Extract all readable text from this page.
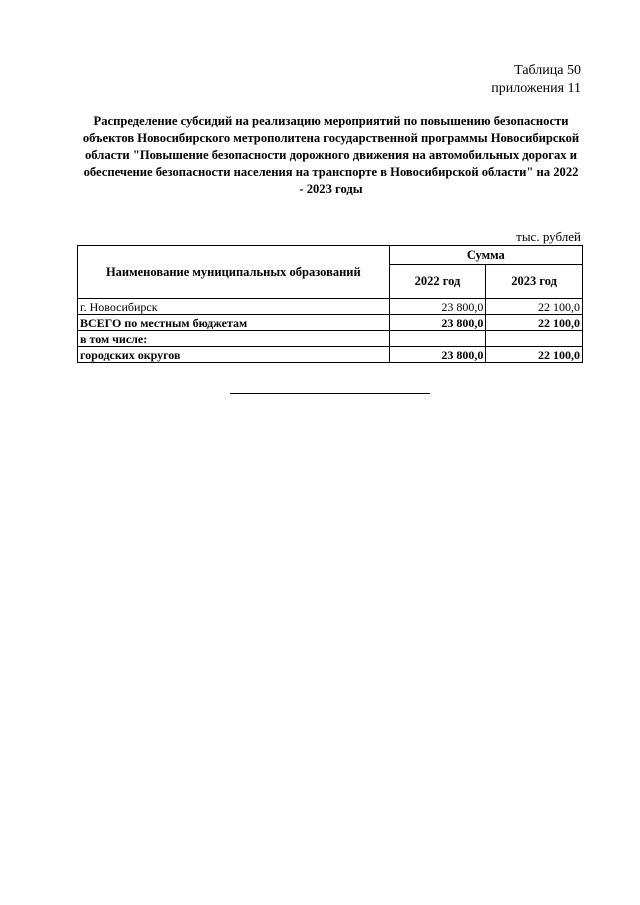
Таблица 50
приложения 11
Распределение субсидий на реализацию мероприятий по повышению безопасности объектов Новосибирского метрополитена государственной программы Новосибирской области "Повышение безопасности дорожного движения на автомобильных дорогах и обеспечение безопасности населения на транспорте в Новосибирской области" на 2022 - 2023 годы
тыс. рублей
Наименование муниципальных образований	Сумма	
	2022 год	2023 год
г. Новосибирск	23 800,0	22 100,0
ВСЕГО по местным бюджетам	23 800,0	22 100,0
в том числе:		
городских округов	23 800,0	22 100,0
